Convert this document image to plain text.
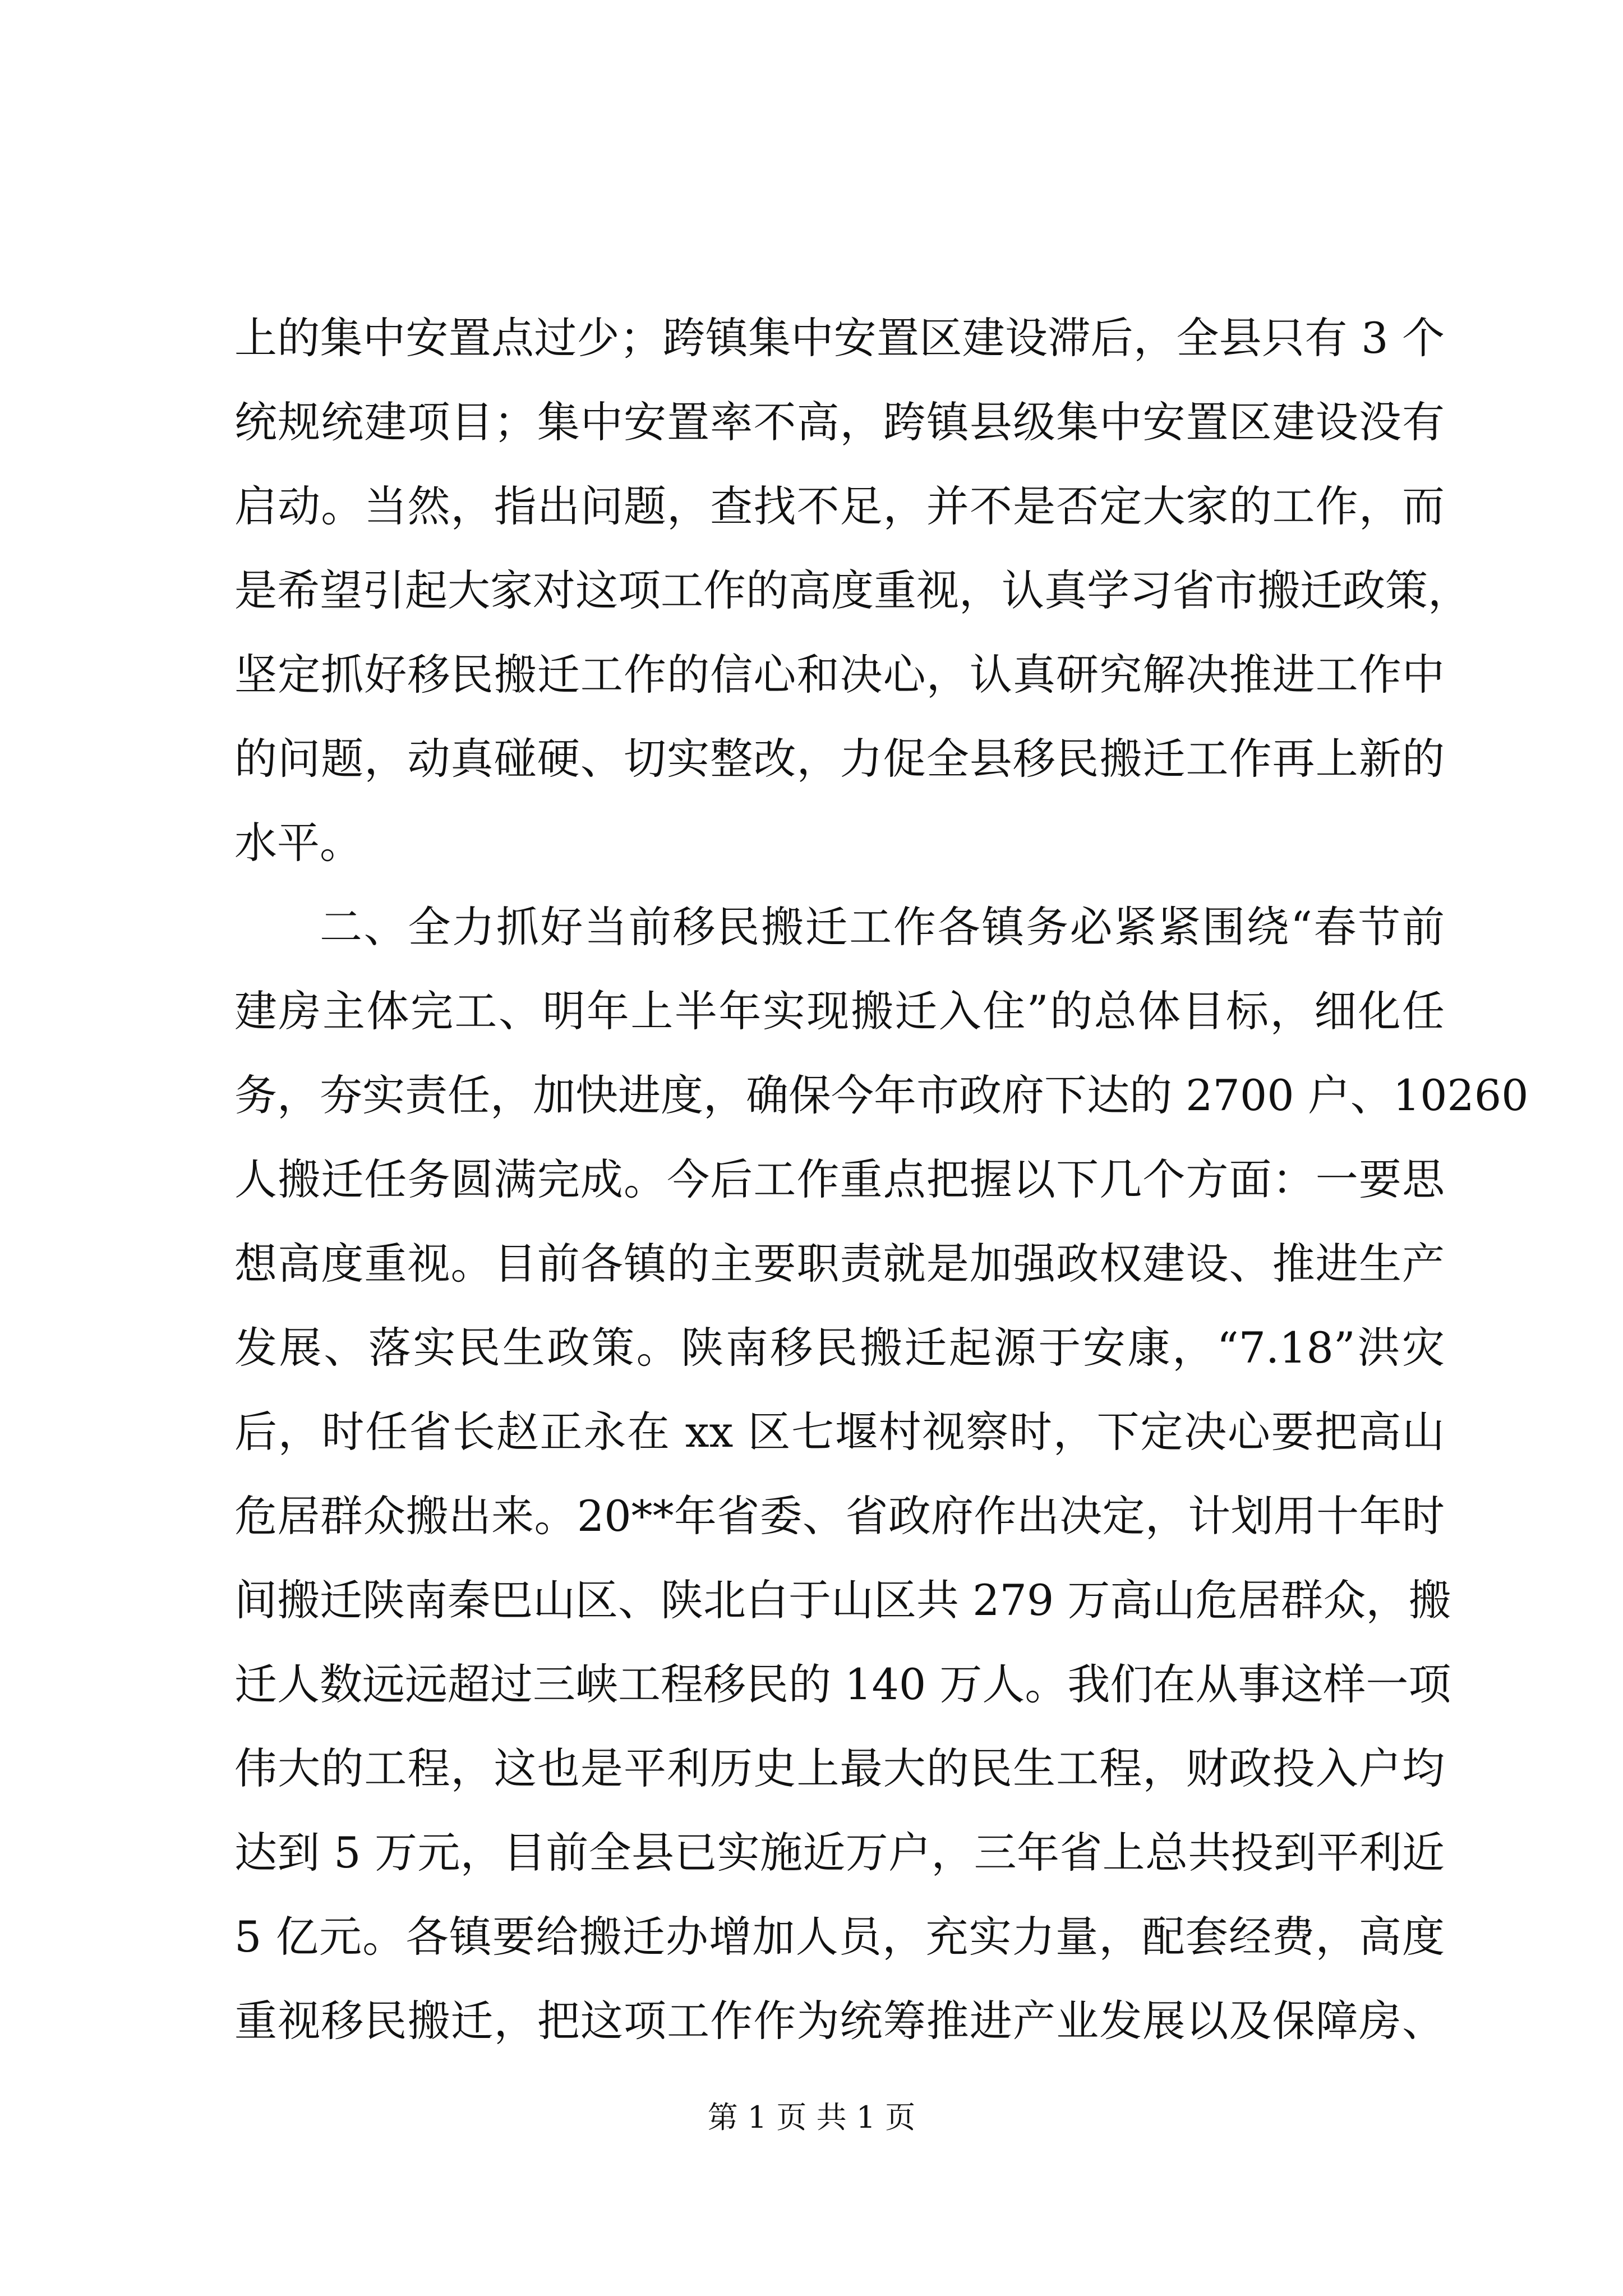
上的集中安置点过少；跨镇集中安置区建设滞后，全县只有 3 个
统规统建项目；集中安置率不高，跨镇县级集中安置区建设没有
启动。当然，指出问题，查找不足，并不是否定大家的工作，而
是希望引起大家对这项工作的高度重视，认真学习省市搬迁政策，
坚定抓好移民搬迁工作的信心和决心，认真研究解决推进工作中
的问题，动真碰硬、切实整改，力促全县移民搬迁工作再上新的
水平。
二、全力抓好当前移民搬迁工作各镇务必紧紧围绕“春节前
建房主体完工、明年上半年实现搬迁入住”的总体目标，细化任
务，夯实责任，加快进度，确保今年市政府下达的 2700 户、10260
人搬迁任务圆满完成。今后工作重点把握以下几个方面：一要思
想高度重视。目前各镇的主要职责就是加强政权建设、推进生产
发展、落实民生政策。陕南移民搬迁起源于安康，“7.18”洪灾
后，时任省长赵正永在 xx 区七堰村视察时，下定决心要把高山
危居群众搬出来。20**年省委、省政府作出决定，计划用十年时
间搬迁陕南秦巴山区、陕北白于山区共 279 万高山危居群众，搬
迁人数远远超过三峡工程移民的 140 万人。我们在从事这样一项
伟大的工程，这也是平利历史上最大的民生工程，财政投入户均
达到 5 万元，目前全县已实施近万户，三年省上总共投到平利近
5 亿元。各镇要给搬迁办增加人员，充实力量，配套经费，高度
重视移民搬迁，把这项工作作为统筹推进产业发展以及保障房、
第 1 页 共 1 页
